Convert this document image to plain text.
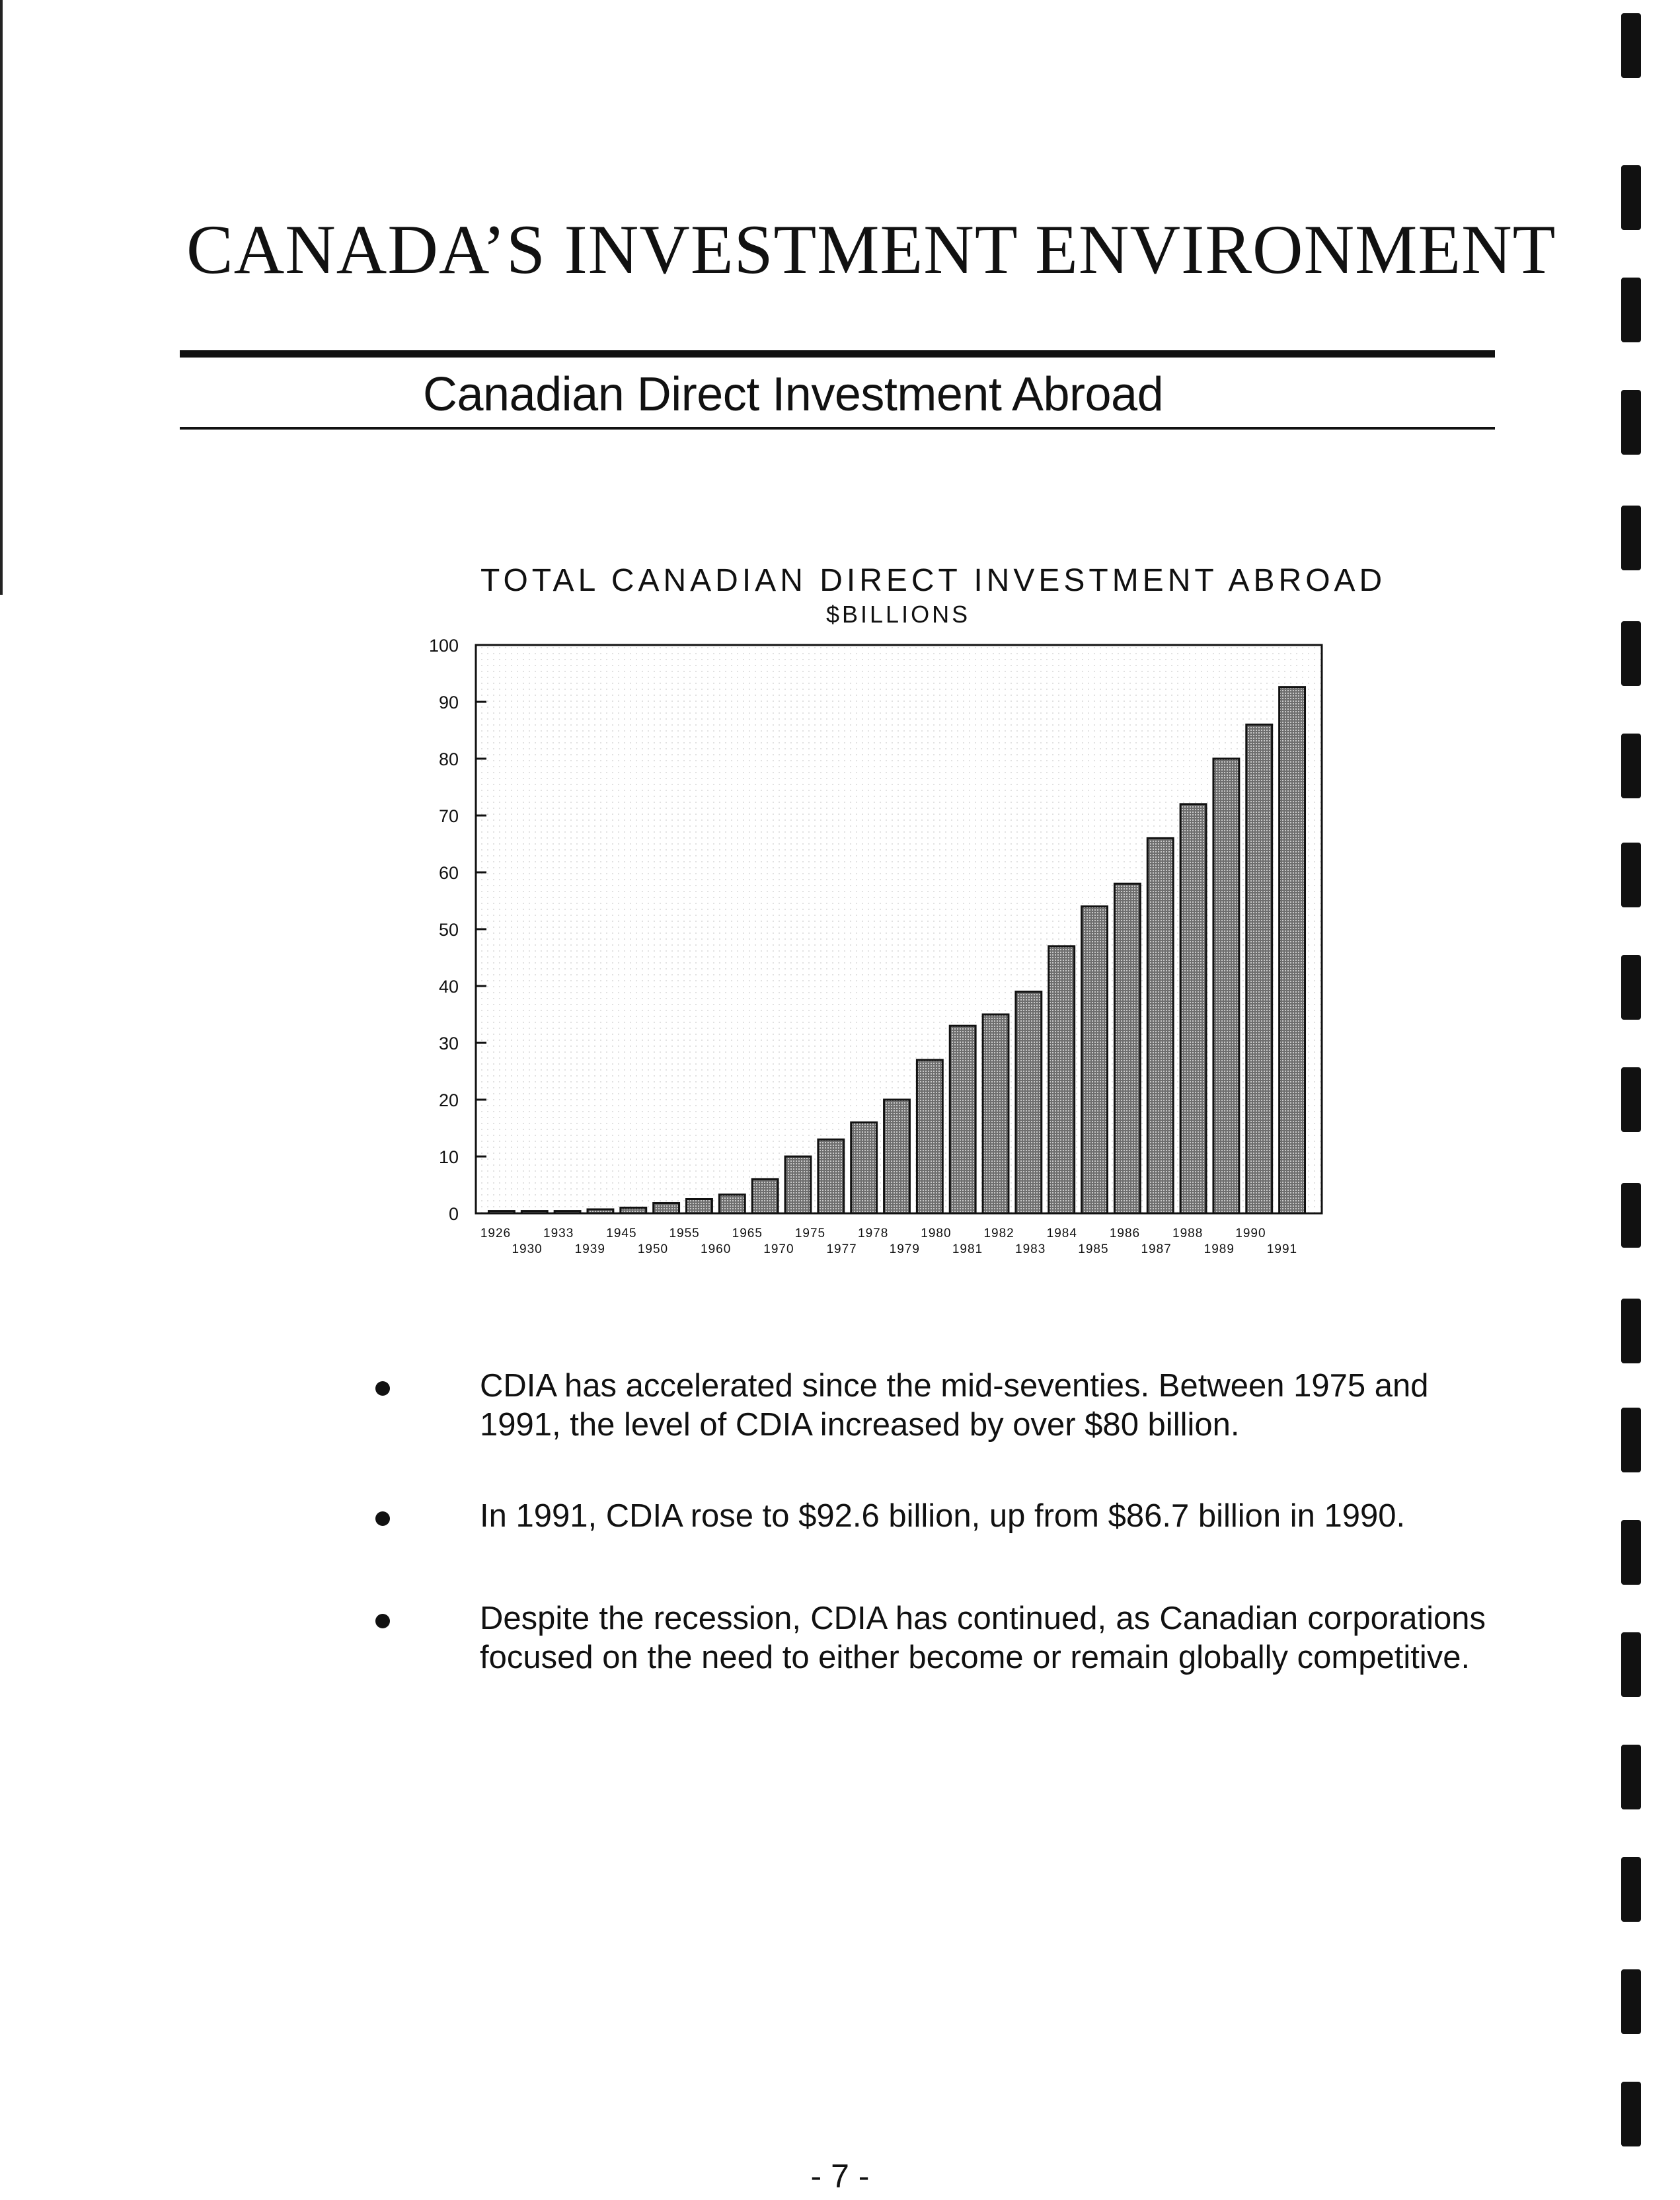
CANADA’S INVESTMENT ENVIRONMENT
Canadian Direct Investment Abroad
TOTAL CANADIAN DIRECT INVESTMENT ABROAD
$BILLIONS
0
10
20
30
40
50
60
70
80
90
100
1926
1930
1933
1939
1945
1950
1955
1960
1965
1970
1975
1977
1978
1979
1980
1981
1982
1983
1984
1985
1986
1987
1988
1989
1990
1991
CDIA has accelerated since the mid-seventies. Between 1975 and 1991, the level of CDIA increased by over $80 billion.
In 1991, CDIA rose to $92.6 billion, up from $86.7 billion in 1990.
Despite the recession, CDIA has continued, as Canadian corporations focused on the need to either become or remain globally competitive.
- 7 -
